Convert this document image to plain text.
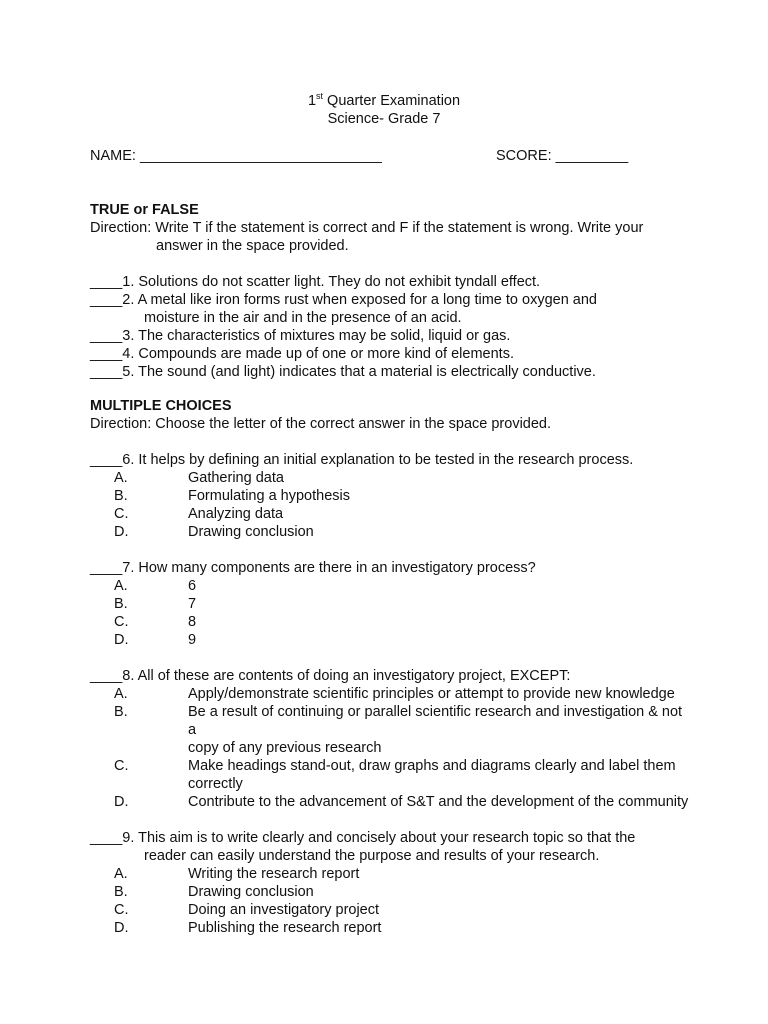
1st Quarter Examination
Science- Grade 7
NAME: ______________________________	SCORE: _________
TRUE or FALSE
Direction: Write T if the statement is correct and F if the statement is wrong. Write your
answer in the space provided.
____1. Solutions do not scatter light. They do not exhibit tyndall effect.
____2. A metal like iron forms rust when exposed for a long time to oxygen and
moisture in the air and in the presence of an acid.
____3. The characteristics of mixtures may be solid, liquid or gas.
____4. Compounds are made up of one or more kind of elements.
____5. The sound (and light) indicates that a material is electrically conductive.
MULTIPLE CHOICES
Direction: Choose the letter of the correct answer in the space provided.
____6. It helps by defining an initial explanation to be tested in the research process.
A.	Gathering data
B.	Formulating a hypothesis
C.	Analyzing data
D.	Drawing conclusion
____7. How many components are there in an investigatory process?
A.	6
B.	7
C.	8
D.	9
____8. All of these are contents of doing an investigatory project, EXCEPT:
A.	Apply/demonstrate scientific principles or attempt to provide new knowledge
B.	Be a result of continuing or parallel scientific research and investigation & not a
copy of any previous research
C.	Make headings stand-out, draw graphs and diagrams clearly and label them
correctly
D.	Contribute to the advancement of S&T and the development of the community
____9. This aim is to write clearly and concisely about your research topic so that the
reader can easily understand the purpose and results of your research.
A.	Writing the research report
B.	Drawing conclusion
C.	Doing an investigatory project
D.	Publishing the research report
